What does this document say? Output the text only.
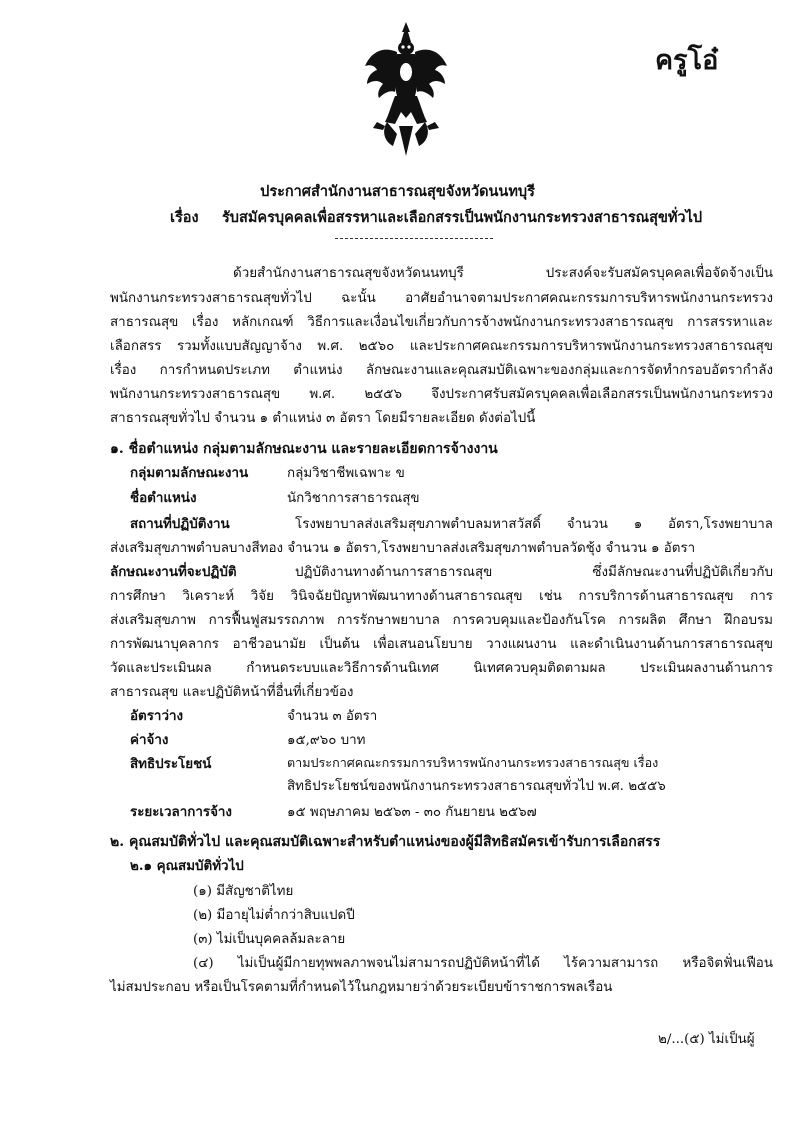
ครูโอ๋
ประกาศสำนักงานสาธารณสุขจังหวัดนนทบุรี
เรื่อง รับสมัครบุคคลเพื่อสรรหาและเลือกสรรเป็นพนักงานกระทรวงสาธารณสุขทั่วไป
ด้วยสำนักงานสาธารณสุขจังหวัดนนทบุรี ประสงค์จะรับสมัครบุคคลเพื่อจัดจ้างเป็น
พนักงานกระทรวงสาธารณสุขทั่วไป ฉะนั้น อาศัยอำนาจตามประกาศคณะกรรมการบริหารพนักงานกระทรวง
สาธารณสุข เรื่อง หลักเกณฑ์ วิธีการและเงื่อนไขเกี่ยวกับการจ้างพนักงานกระทรวงสาธารณสุข การสรรหาและ
เลือกสรร รวมทั้งแบบสัญญาจ้าง พ.ศ. ๒๕๖๐ และประกาศคณะกรรมการบริหารพนักงานกระทรวงสาธารณสุข
เรื่อง การกำหนดประเภท ตำแหน่ง ลักษณะงานและคุณสมบัติเฉพาะของกลุ่มและการจัดทำกรอบอัตรากำลัง
พนักงานกระทรวงสาธารณสุข พ.ศ. ๒๕๕๖ จึงประกาศรับสมัครบุคคลเพื่อเลือกสรรเป็นพนักงานกระทรวง
สาธารณสุขทั่วไป จำนวน ๑ ตำแหน่ง ๓ อัตรา โดยมีรายละเอียด ดังต่อไปนี้
๑. ชื่อตำแหน่ง กลุ่มตามลักษณะงาน และรายละเอียดการจ้างงาน
กลุ่มตามลักษณะงาน	กลุ่มวิชาชีพเฉพาะ ข
ชื่อตำแหน่ง	นักวิชาการสาธารณสุข
สถานที่ปฏิบัติงาน	โรงพยาบาลส่งเสริมสุขภาพตำบลมหาสวัสดิ์ จำนวน ๑ อัตรา,โรงพยาบาล
ส่งเสริมสุขภาพตำบลบางสีทอง จำนวน ๑ อัตรา,โรงพยาบาลส่งเสริมสุขภาพตำบลวัดชุ้ง จำนวน ๑ อัตรา
ลักษณะงานที่จะปฏิบัติ	ปฏิบัติงานทางด้านการสาธารณสุข ซึ่งมีลักษณะงานที่ปฏิบัติเกี่ยวกับ
การศึกษา วิเคราะห์ วิจัย วินิจฉัยปัญหาพัฒนาทางด้านสาธารณสุข เช่น การบริการด้านสาธารณสุข การ
ส่งเสริมสุขภาพ การฟื้นฟูสมรรถภาพ การรักษาพยาบาล การควบคุมและป้องกันโรค การผลิต ศึกษา ฝึกอบรม
การพัฒนาบุคลากร อาชีวอนามัย เป็นต้น เพื่อเสนอนโยบาย วางแผนงาน และดำเนินงานด้านการสาธารณสุข
วัดและประเมินผล กำหนดระบบและวิธีการด้านนิเทศ นิเทศควบคุมติดตามผล ประเมินผลงานด้านการ
สาธารณสุข และปฏิบัติหน้าที่อื่นที่เกี่ยวข้อง
อัตราว่าง	จำนวน ๓ อัตรา
ค่าจ้าง	๑๕,๙๖๐ บาท
สิทธิประโยชน์	ตามประกาศคณะกรรมการบริหารพนักงานกระทรวงสาธารณสุข เรื่อง
สิทธิประโยชน์ของพนักงานกระทรวงสาธารณสุขทั่วไป พ.ศ. ๒๕๕๖
ระยะเวลาการจ้าง	๑๕ พฤษภาคม ๒๕๖๓ - ๓๐ กันยายน ๒๕๖๗
๒. คุณสมบัติทั่วไป และคุณสมบัติเฉพาะสำหรับตำแหน่งของผู้มีสิทธิสมัครเข้ารับการเลือกสรร
๒.๑ คุณสมบัติทั่วไป
(๑) มีสัญชาติไทย
(๒) มีอายุไม่ต่ำกว่าสิบแปดปี
(๓) ไม่เป็นบุคคลล้มละลาย
(๔) ไม่เป็นผู้มีกายทุพพลภาพจนไม่สามารถปฏิบัติหน้าที่ได้ ไร้ความสามารถ หรือจิตฟั่นเฟือน
ไม่สมประกอบ หรือเป็นโรคตามที่กำหนดไว้ในกฎหมายว่าด้วยระเบียบข้าราชการพลเรือน
๒/...(๕) ไม่เป็นผู้
